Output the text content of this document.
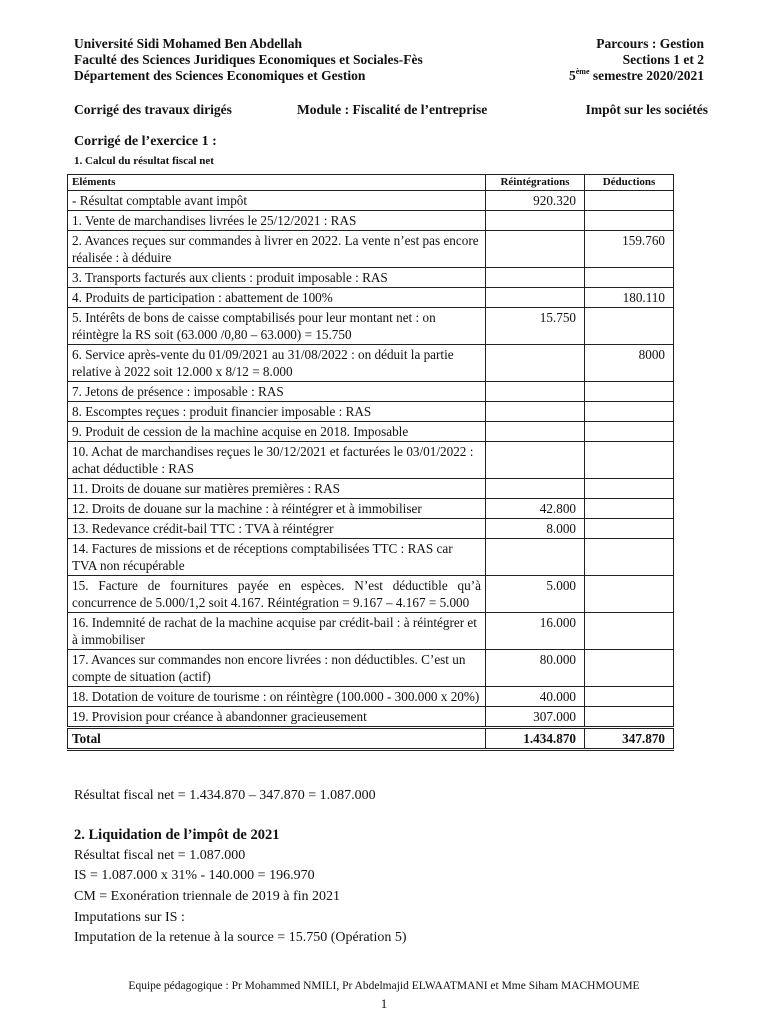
Université Sidi Mohamed Ben Abdellah	Parcours : Gestion
Faculté des Sciences Juridiques Economiques et Sociales-Fès	Sections 1 et 2
Département des Sciences Economiques et Gestion	5ème semestre 2020/2021
Corrigé des travaux dirigés	Module : Fiscalité de l’entreprise	Impôt sur les sociétés
Corrigé de l’exercice 1 :
1. Calcul du résultat fiscal net
Eléments	Réintégrations	Déductions
- Résultat comptable avant impôt	920.320	
1. Vente de marchandises livrées le 25/12/2021 : RAS		
2. Avances reçues sur commandes à livrer en 2022. La vente n’est pas encore réalisée : à déduire		159.760
3. Transports facturés aux clients : produit imposable : RAS		
4. Produits de participation : abattement de 100%		180.110
5. Intérêts de bons de caisse comptabilisés pour leur montant net : on réintègre la RS soit (63.000 /0,80 – 63.000) = 15.750	15.750	
6. Service après-vente du 01/09/2021 au 31/08/2022 : on déduit la partie relative à 2022 soit 12.000 x 8/12 = 8.000		8000
7. Jetons de présence : imposable : RAS		
8. Escomptes reçues : produit financier imposable : RAS		
9. Produit de cession de la machine acquise en 2018. Imposable		
10. Achat de marchandises reçues le 30/12/2021 et facturées le 03/01/2022 : achat déductible : RAS		
11. Droits de douane sur matières premières : RAS		
12. Droits de douane sur la machine : à réintégrer et à immobiliser	42.800	
13. Redevance crédit-bail TTC : TVA à réintégrer	8.000	
14. Factures de missions et de réceptions comptabilisées TTC : RAS car TVA non récupérable		
15. Facture de fournitures payée en espèces. N’est déductible qu’à concurrence de 5.000/1,2 soit 4.167. Réintégration = 9.167 – 4.167 = 5.000	5.000	
16. Indemnité de rachat de la machine acquise par crédit-bail : à réintégrer et à immobiliser	16.000	
17. Avances sur commandes non encore livrées : non déductibles. C’est un compte de situation (actif)	80.000	
18. Dotation de voiture de tourisme : on réintègre (100.000 - 300.000 x 20%)	40.000	
19. Provision pour créance à abandonner gracieusement	307.000	
Total	1.434.870	347.870
Résultat fiscal net = 1.434.870 – 347.870 = 1.087.000
2. Liquidation de l’impôt de 2021
Résultat fiscal net = 1.087.000
IS = 1.087.000 x 31% - 140.000 = 196.970
CM = Exonération triennale de 2019 à fin 2021
Imputations sur IS :
Imputation de la retenue à la source = 15.750 (Opération 5)
Equipe pédagogique : Pr Mohammed NMILI, Pr Abdelmajid ELWAATMANI et Mme Siham MACHMOUME
1
